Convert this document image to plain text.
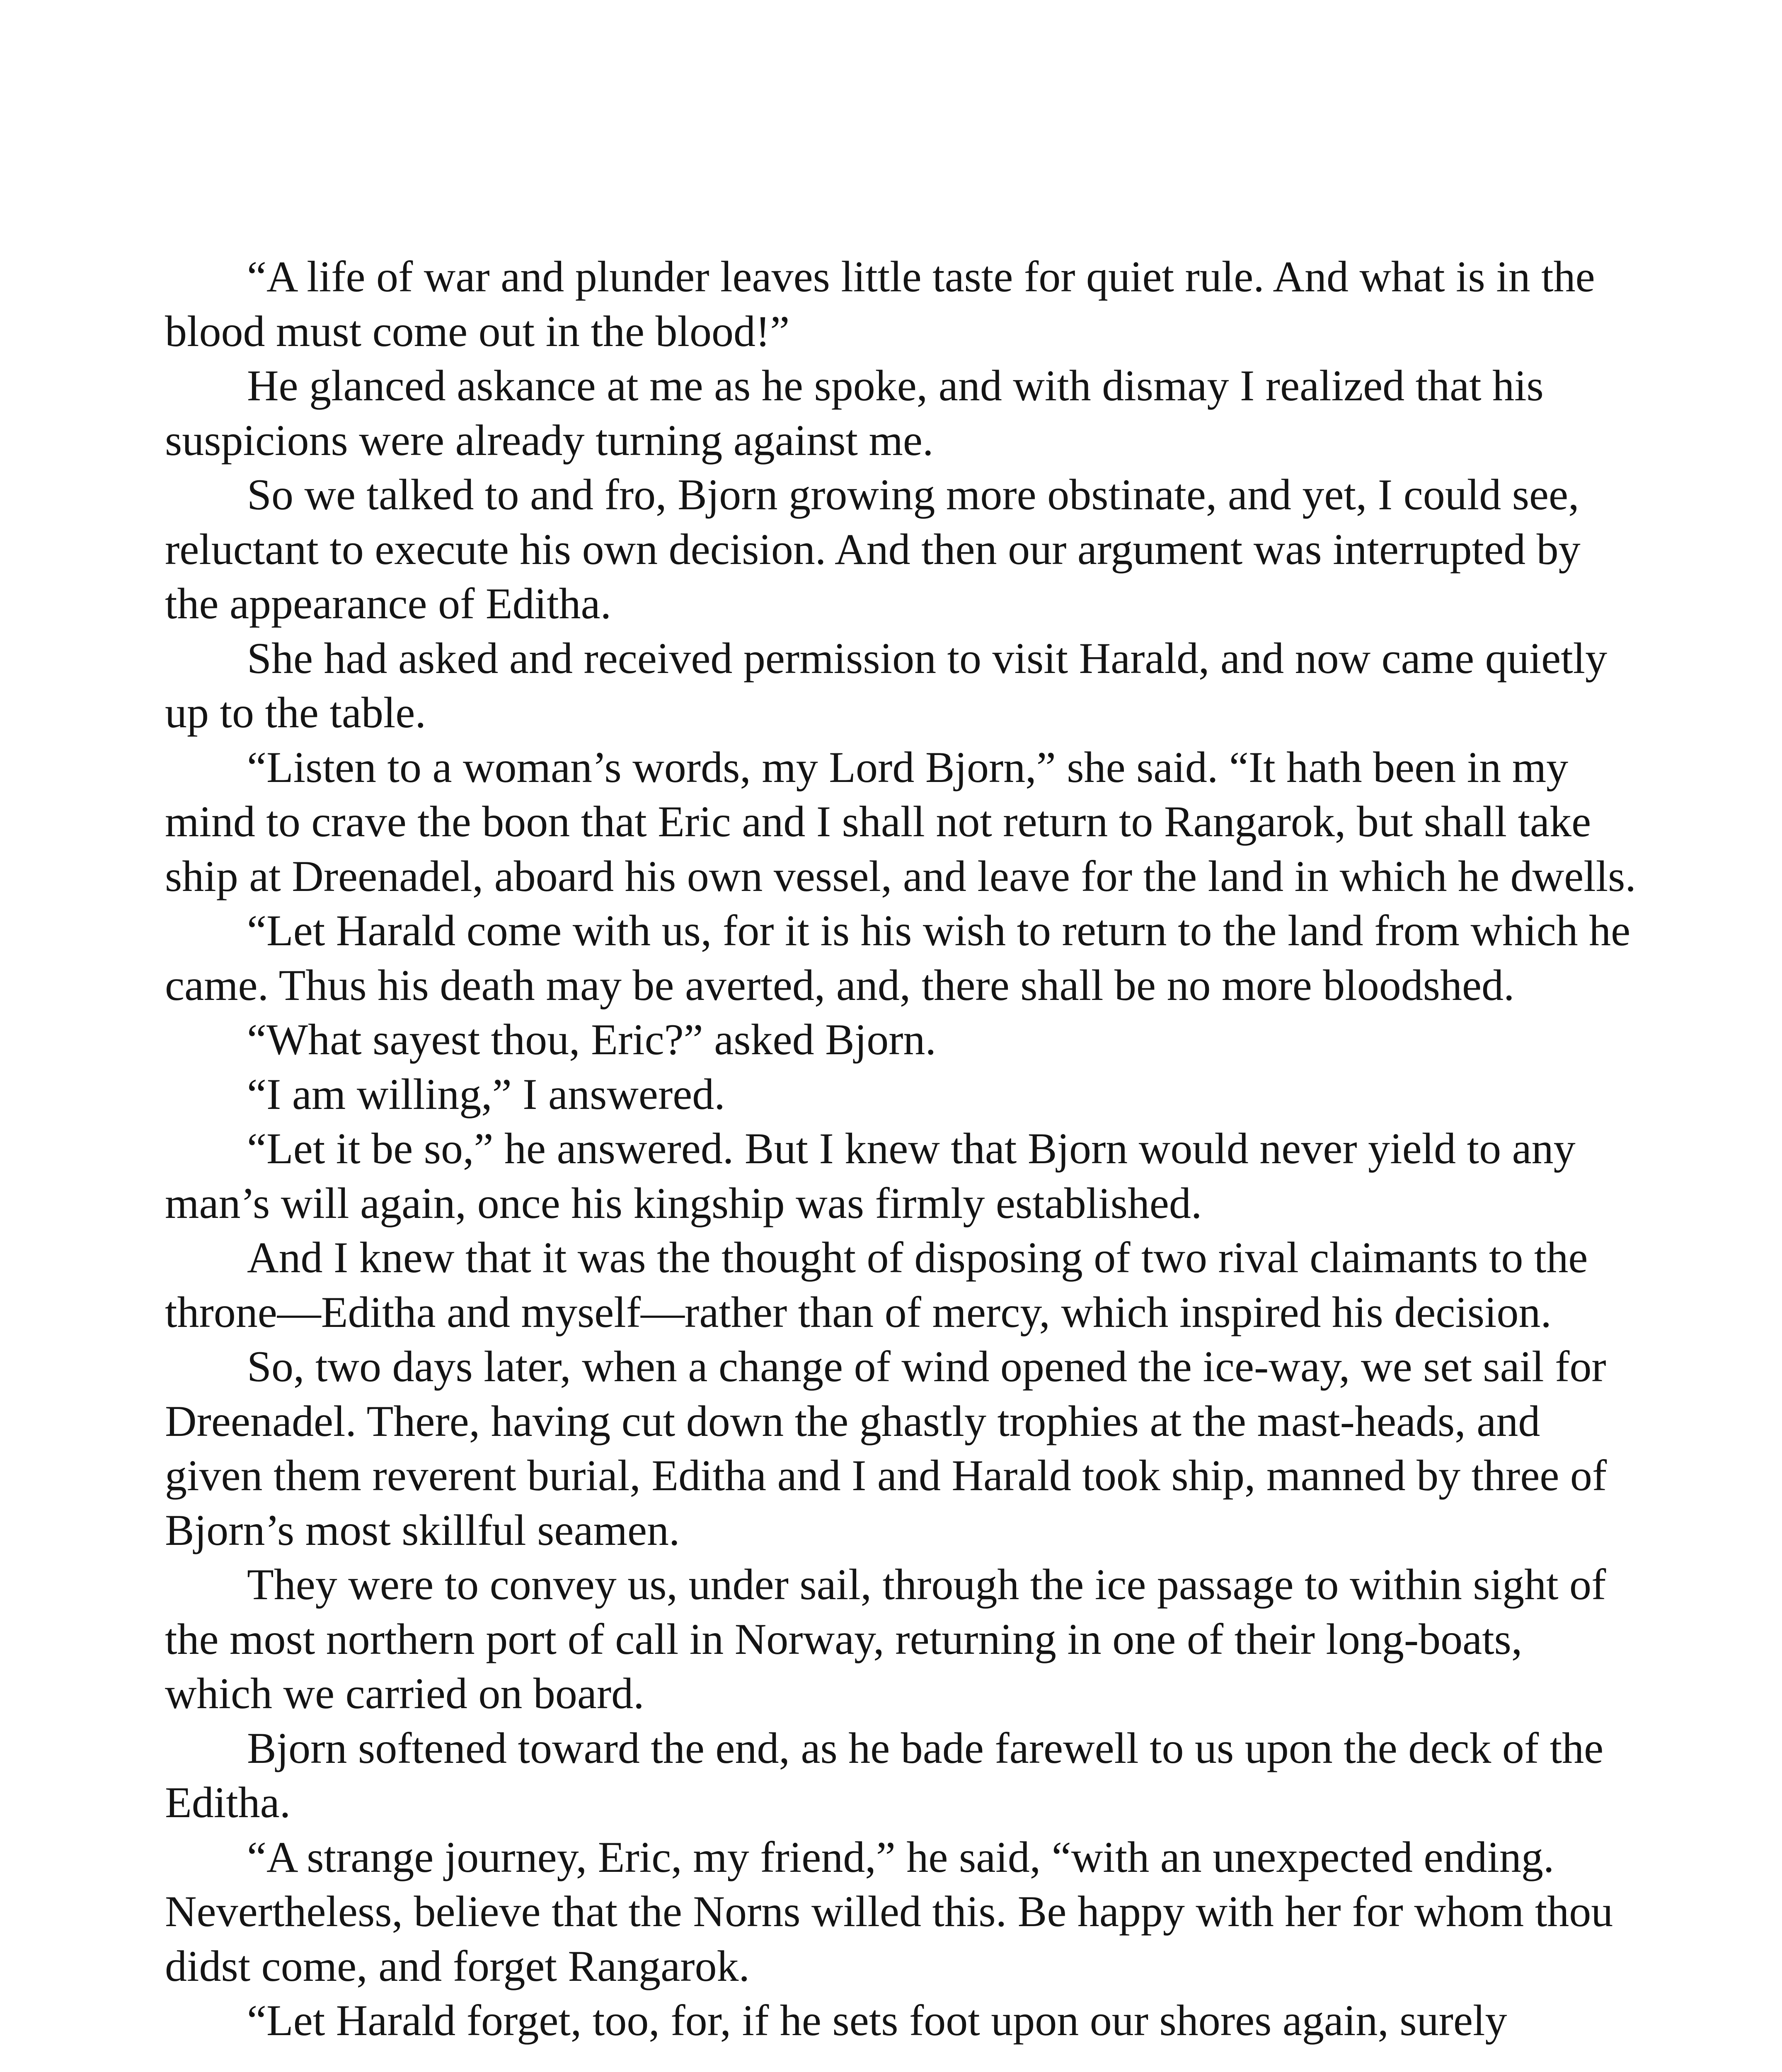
“A life of war and plunder leaves little taste for quiet rule. And what is in the blood must come out in the blood!”

He glanced askance at me as he spoke, and with dismay I realized that his suspicions were already turning against me.

So we talked to and fro, Bjorn growing more obstinate, and yet, I could see, reluctant to execute his own decision. And then our argument was interrupted by the appearance of Editha.

She had asked and received permission to visit Harald, and now came quietly up to the table.

“Listen to a woman’s words, my Lord Bjorn,” she said. “It hath been in my mind to crave the boon that Eric and I shall not return to Rangarok, but shall take ship at Dreenadel, aboard his own vessel, and leave for the land in which he dwells.

“Let Harald come with us, for it is his wish to return to the land from which he came. Thus his death may be averted, and, there shall be no more bloodshed.

“What sayest thou, Eric?” asked Bjorn.

“I am willing,” I answered.

“Let it be so,” he answered. But I knew that Bjorn would never yield to any man’s will again, once his kingship was firmly established.

And I knew that it was the thought of disposing of two rival claimants to the throne—Editha and myself—rather than of mercy, which inspired his decision.

So, two days later, when a change of wind opened the ice-way, we set sail for Dreenadel. There, having cut down the ghastly trophies at the mast-heads, and given them reverent burial, Editha and I and Harald took ship, manned by three of Bjorn’s most skillful seamen.

They were to convey us, under sail, through the ice passage to within sight of the most northern port of call in Norway, returning in one of their long-boats, which we carried on board.

Bjorn softened toward the end, as he bade farewell to us upon the deck of the Editha.

“A strange journey, Eric, my friend,” he said, “with an unexpected ending. Nevertheless, believe that the Norns willed this. Be happy with her for whom thou didst come, and forget Rangarok.

“Let Harald forget, too, for, if he sets foot upon our shores again, surely
